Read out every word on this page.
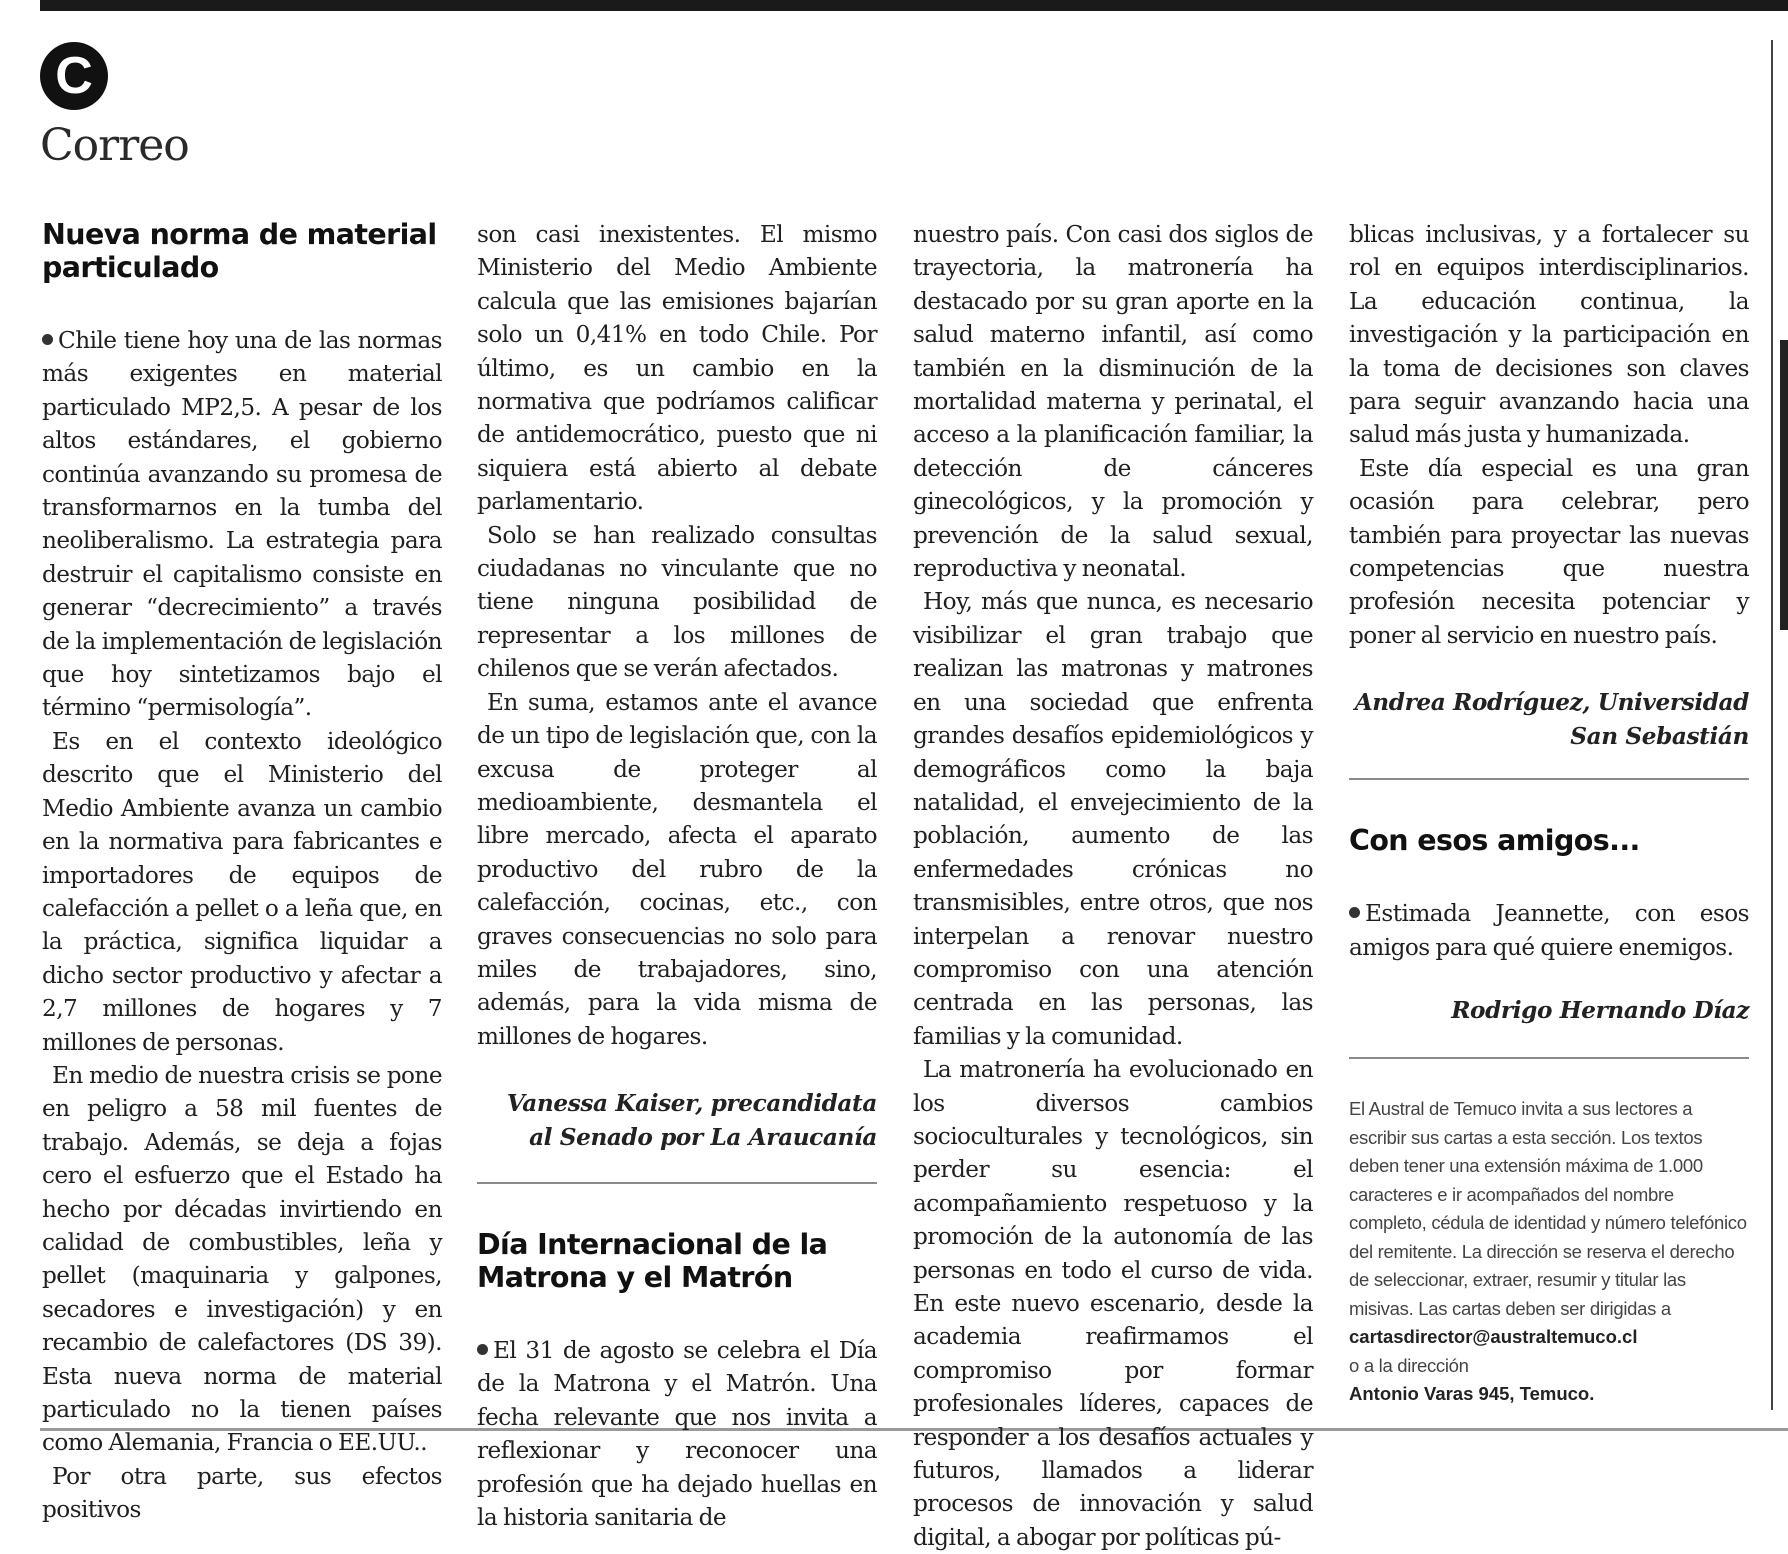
C
Correo
Nueva norma de material particulado

Chile tiene hoy una de las normas más exigentes en material particulado MP2,5. A pesar de los altos estándares, el gobierno continúa avanzando su promesa de transformarnos en la tumba del neoliberalismo. La estrategia para destruir el capitalismo consiste en generar “decrecimiento” a través de la implementación de legislación que hoy sintetizamos bajo el término “permisología”.

Es en el contexto ideológico descrito que el Ministerio del Medio Ambiente avanza un cambio en la normativa para fabricantes e importadores de equipos de calefacción a pellet o a leña que, en la práctica, significa liquidar a dicho sector productivo y afectar a 2,7 millones de hogares y 7 millones de personas.

En medio de nuestra crisis se pone en peligro a 58 mil fuentes de trabajo. Además, se deja a fojas cero el esfuerzo que el Estado ha hecho por décadas invirtiendo en calidad de combustibles, leña y pellet (maquinaria y galpones, secadores e investigación) y en recambio de calefactores (DS 39). Esta nueva norma de material particulado no la tienen países como Alemania, Francia o EE.UU..

Por otra parte, sus efectos positivos

son casi inexistentes. El mismo Ministerio del Medio Ambiente calcula que las emisiones bajarían solo un 0,41% en todo Chile. Por último, es un cambio en la normativa que podríamos calificar de antidemocrático, puesto que ni siquiera está abierto al debate parlamentario.

Solo se han realizado consultas ciudadanas no vinculante que no tiene ninguna posibilidad de representar a los millones de chilenos que se verán afectados.

En suma, estamos ante el avance de un tipo de legislación que, con la excusa de proteger al medioambiente, desmantela el libre mercado, afecta el aparato productivo del rubro de la calefacción, cocinas, etc., con graves consecuencias no solo para miles de trabajadores, sino, además, para la vida misma de millones de hogares.

Vanessa Kaiser, precandidata al Senado por La Araucanía
Día Internacional de la Matrona y el Matrón

El 31 de agosto se celebra el Día de la Matrona y el Matrón. Una fecha relevante que nos invita a reflexionar y reconocer una profesión que ha dejado huellas en la historia sanitaria de

nuestro país. Con casi dos siglos de trayectoria, la matronería ha destacado por su gran aporte en la salud materno infantil, así como también en la disminución de la mortalidad materna y perinatal, el acceso a la planificación familiar, la detección de cánceres ginecológicos, y la promoción y prevención de la salud sexual, reproductiva y neonatal.

Hoy, más que nunca, es necesario visibilizar el gran trabajo que realizan las matronas y matrones en una sociedad que enfrenta grandes desafíos epidemiológicos y demográficos como la baja natalidad, el envejecimiento de la población, aumento de las enfermedades crónicas no transmisibles, entre otros, que nos interpelan a renovar nuestro compromiso con una atención centrada en las personas, las familias y la comunidad.

La matronería ha evolucionado en los diversos cambios socioculturales y tecnológicos, sin perder su esencia: el acompañamiento respetuoso y la promoción de la autonomía de las personas en todo el curso de vida. En este nuevo escenario, desde la academia reafirmamos el compromiso por formar profesionales líderes, capaces de responder a los desafíos actuales y futuros, llamados a liderar procesos de innovación y salud digital, a abogar por políticas pú-

blicas inclusivas, y a fortalecer su rol en equipos interdisciplinarios. La educación continua, la investigación y la participación en la toma de decisiones son claves para seguir avanzando hacia una salud más justa y humanizada.

Este día especial es una gran ocasión para celebrar, pero también para proyectar las nuevas competencias que nuestra profesión necesita potenciar y poner al servicio en nuestro país.

Andrea Rodríguez, Universidad San Sebastián
Con esos amigos...

Estimada Jeannette, con esos amigos para qué quiere enemigos.

Rodrigo Hernando Díaz

El Austral de Temuco invita a sus lectores a escribir sus cartas a esta sección. Los textos deben tener una extensión máxima de 1.000 caracteres e ir acompañados del nombre completo, cédula de identidad y número telefónico del remitente. La dirección se reserva el derecho de seleccionar, extraer, resumir y titular las misivas. Las cartas deben ser dirigidas a

cartasdirector@australtemuco.cl

o a la dirección

Antonio Varas 945, Temuco.
